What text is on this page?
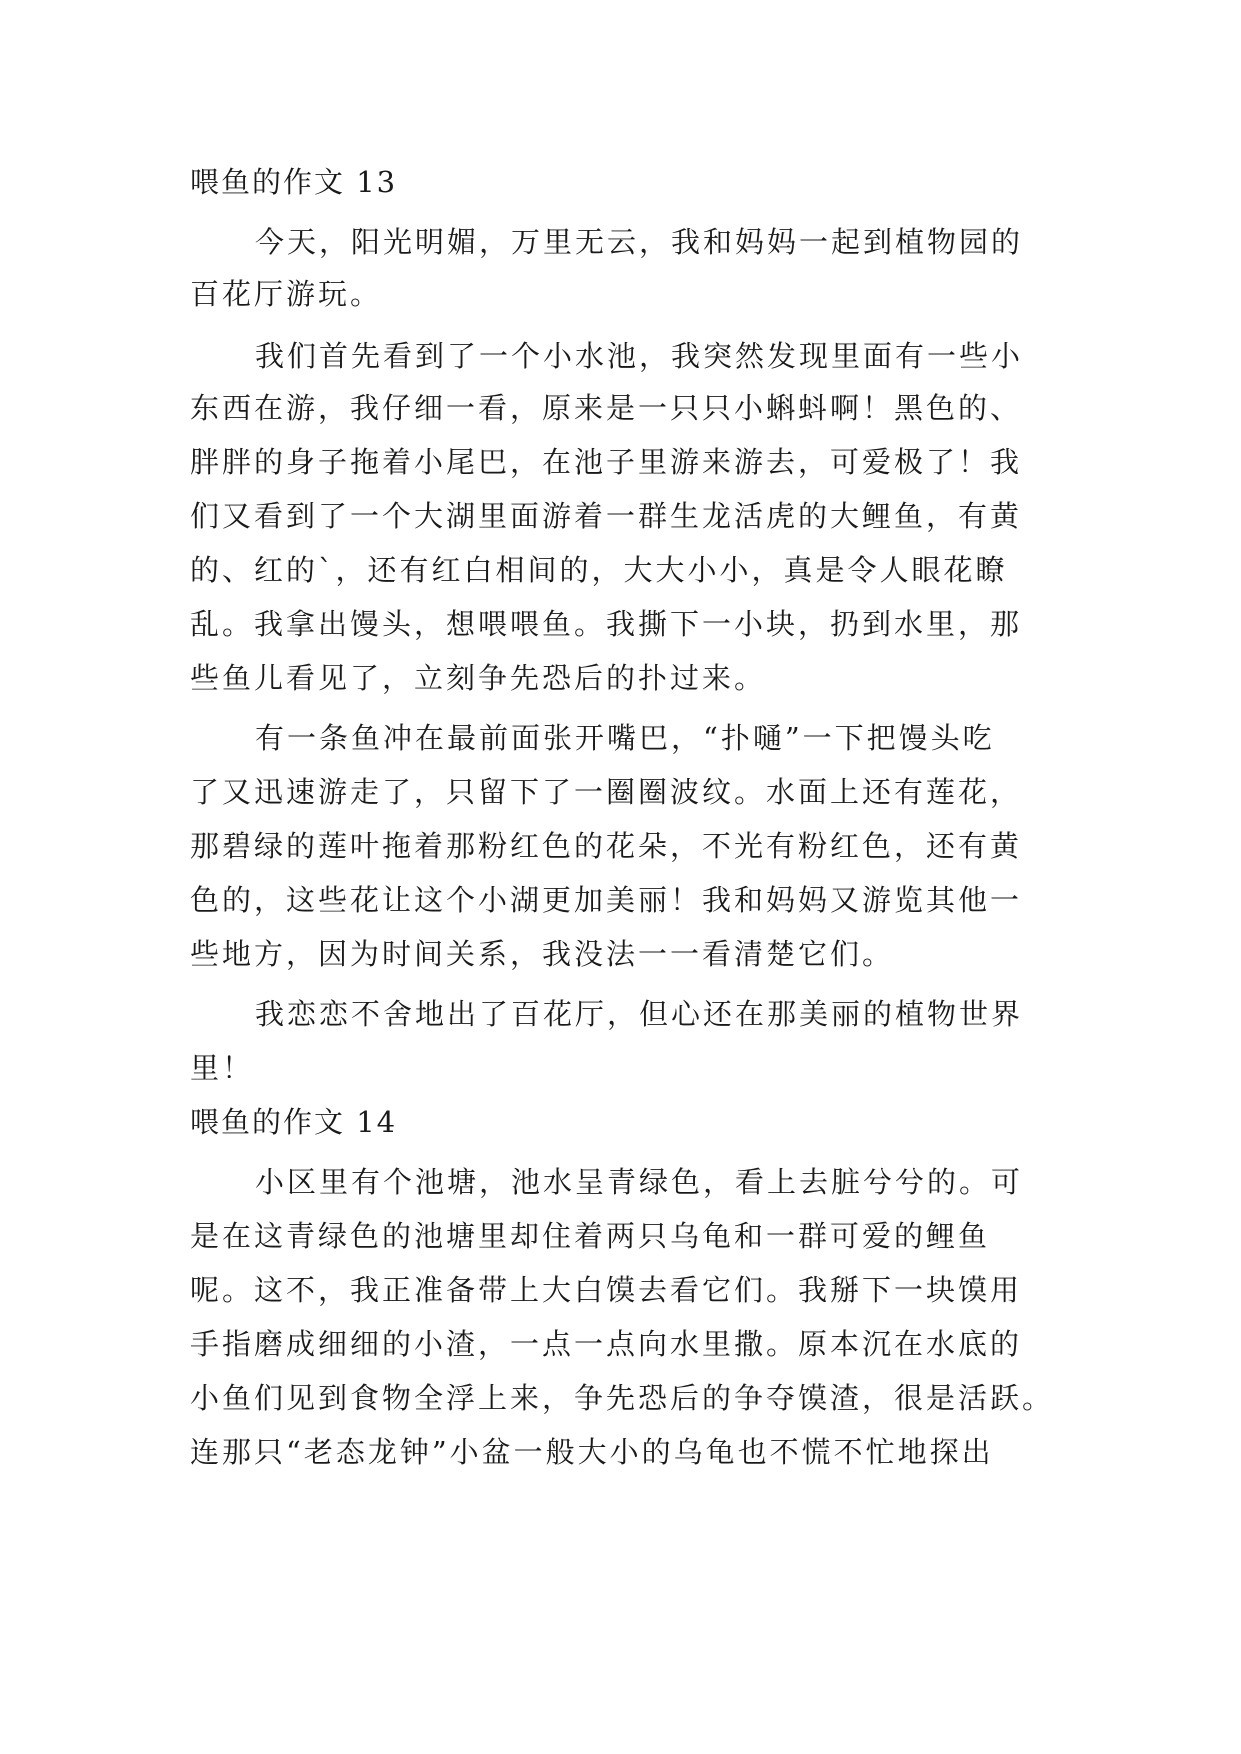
喂鱼的作文 13
今天，阳光明媚，万里无云，我和妈妈一起到植物园的
百花厅游玩。
我们首先看到了一个小水池，我突然发现里面有一些小
东西在游，我仔细一看，原来是一只只小蝌蚪啊！黑色的、
胖胖的身子拖着小尾巴，在池子里游来游去，可爱极了！我
们又看到了一个大湖里面游着一群生龙活虎的大鲤鱼，有黄
的、红的`，还有红白相间的，大大小小，真是令人眼花瞭
乱。我拿出馒头，想喂喂鱼。我撕下一小块，扔到水里，那
些鱼儿看见了，立刻争先恐后的扑过来。
有一条鱼冲在最前面张开嘴巴，“扑嗵”一下把馒头吃
了又迅速游走了，只留下了一圈圈波纹。水面上还有莲花，
那碧绿的莲叶拖着那粉红色的花朵，不光有粉红色，还有黄
色的，这些花让这个小湖更加美丽！我和妈妈又游览其他一
些地方，因为时间关系，我没法一一看清楚它们。
我恋恋不舍地出了百花厅，但心还在那美丽的植物世界
里！
喂鱼的作文 14
小区里有个池塘，池水呈青绿色，看上去脏兮兮的。可
是在这青绿色的池塘里却住着两只乌龟和一群可爱的鲤鱼
呢。这不，我正准备带上大白馍去看它们。我掰下一块馍用
手指磨成细细的小渣，一点一点向水里撒。原本沉在水底的
小鱼们见到食物全浮上来，争先恐后的争夺馍渣，很是活跃。
连那只“老态龙钟”小盆一般大小的乌龟也不慌不忙地探出
